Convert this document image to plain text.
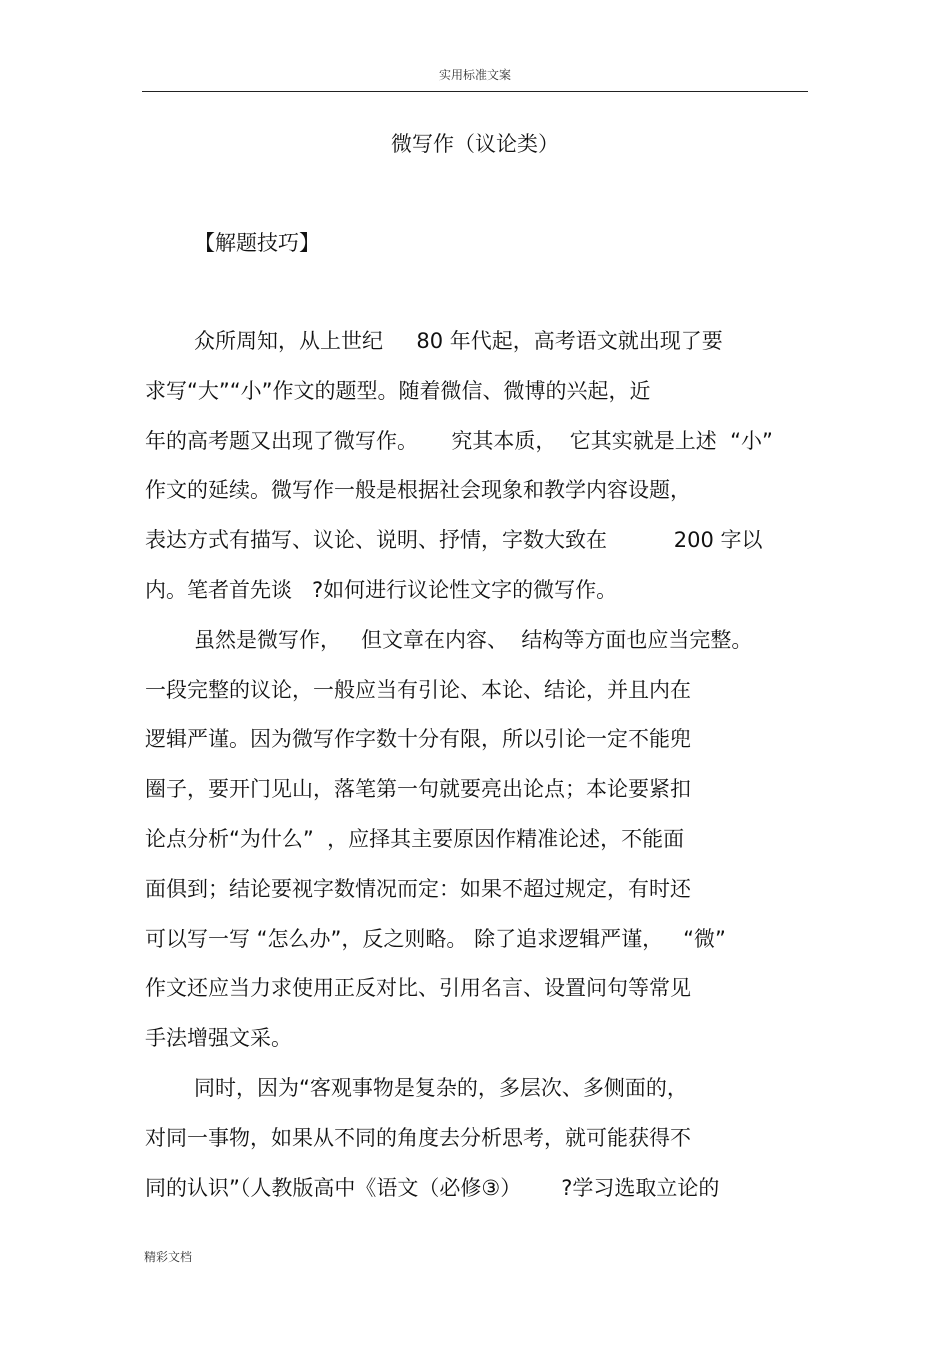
实用标准文案
微写作（议论类）
【解题技巧】
众所周知，从上世纪     80 年代起，高考语文就出现了要
求写“大”“小”作文的题型。随着微信、微博的兴起，近
年的高考题又出现了微写作。     究其本质，  它其实就是上述  “小”
作文的延续。微写作一般是根据社会现象和教学内容设题，
表达方式有描写、议论、说明、抒情，字数大致在          200 字以
内。笔者首先谈   ?如何进行议论性文字的微写作。
虽然是微写作，   但文章在内容、  结构等方面也应当完整。
一段完整的议论，一般应当有引论、本论、结论，并且内在
逻辑严谨。因为微写作字数十分有限，所以引论一定不能兜
圈子，要开门见山，落笔第一句就要亮出论点；本论要紧扣
论点分析“为什么”  ，应择其主要原因作精准论述，不能面
面俱到；结论要视字数情况而定：如果不超过规定，有时还
可以写一写 “怎么办”，反之则略。 除了追求逻辑严谨，   “微”
作文还应当力求使用正反对比、引用名言、设置问句等常见
手法增强文采。
同时，因为“客观事物是复杂的，多层次、多侧面的，
对同一事物，如果从不同的角度去分析思考，就可能获得不
同的认识”（人教版高中《语文（必修③）      ?学习选取立论的
精彩文档
